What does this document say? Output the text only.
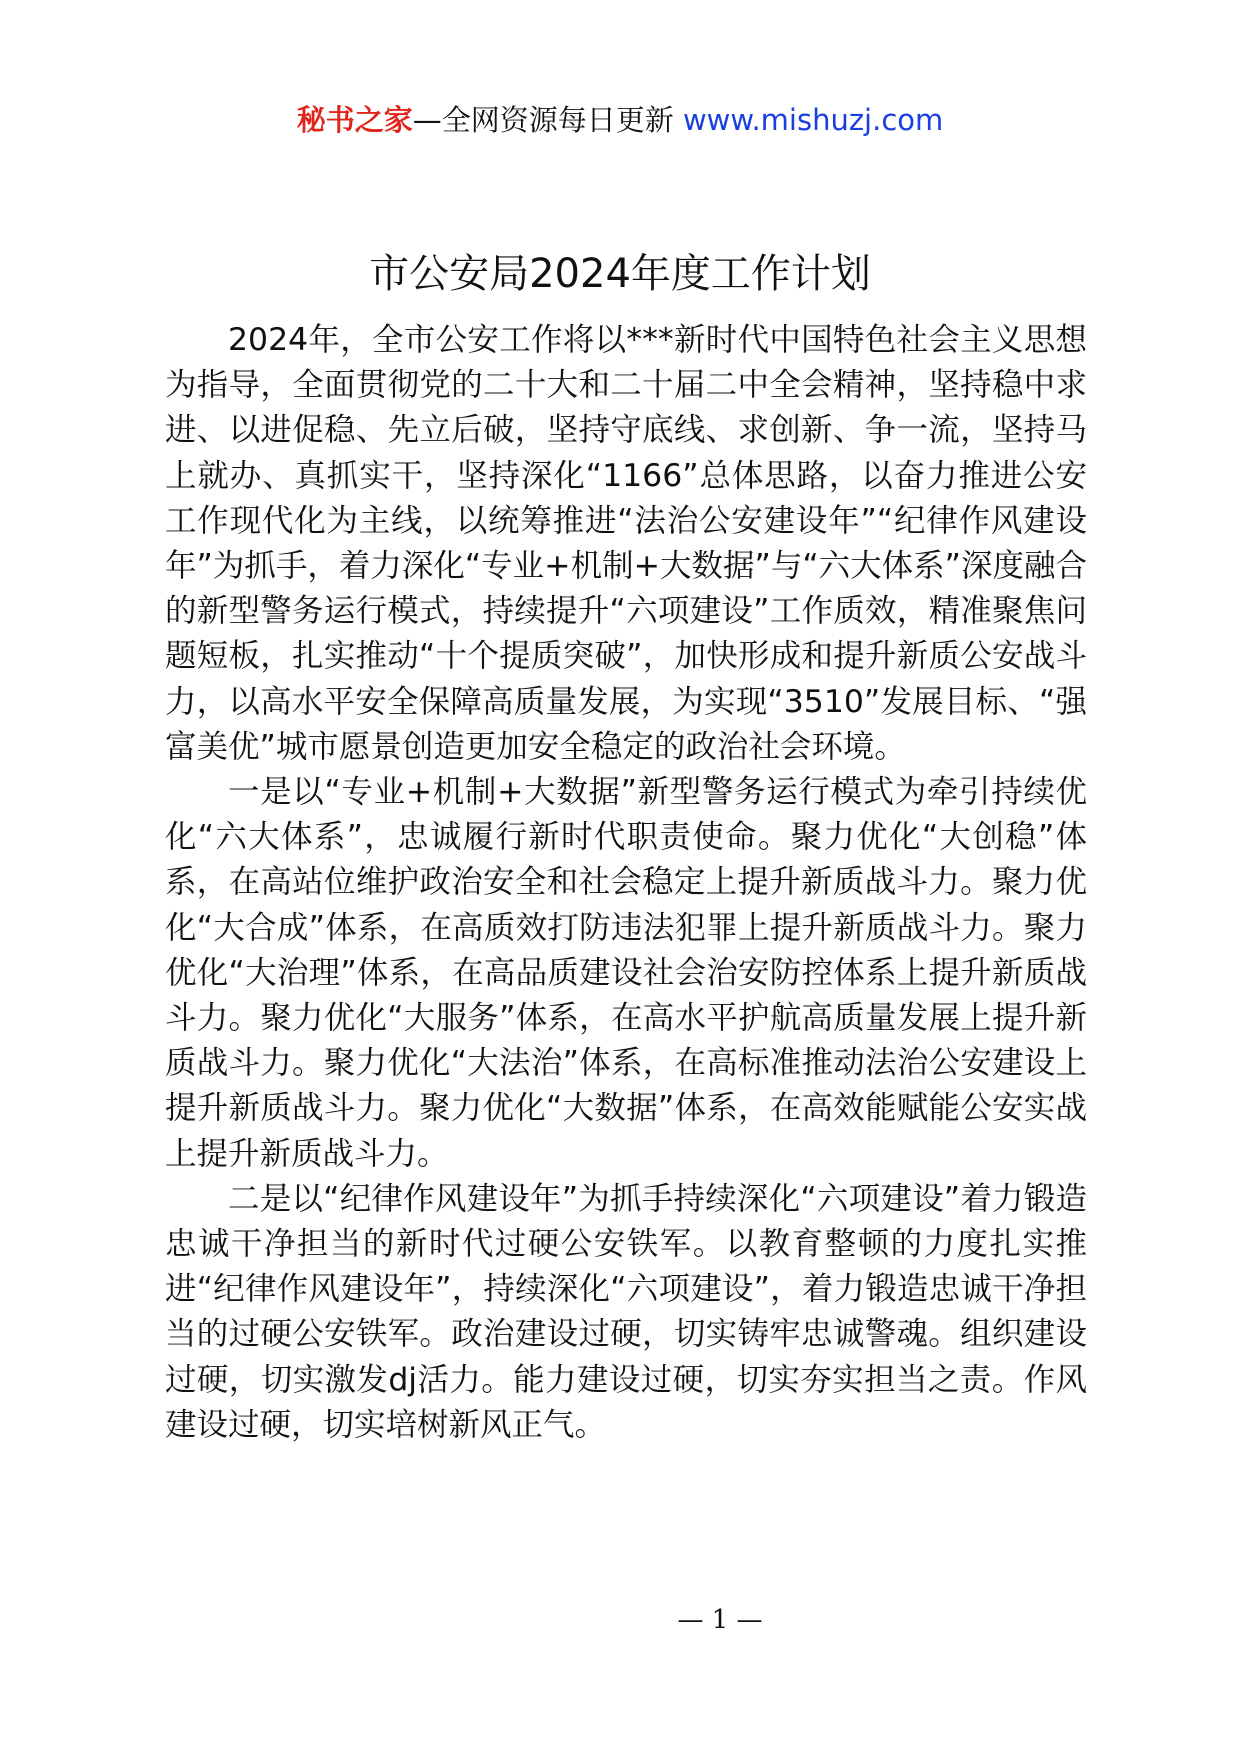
秘书之家—全网资源每日更新 www.mishuzj.com
市公安局2024年度工作计划

2024年，全市公安工作将以***新时代中国特色社会主义思想为指导，全面贯彻党的二十大和二十届二中全会精神，坚持稳中求进、以进促稳、先立后破，坚持守底线、求创新、争一流，坚持马上就办、真抓实干，坚持深化“1166”总体思路，以奋力推进公安工作现代化为主线，以统筹推进“法治公安建设年”“纪律作风建设年”为抓手，着力深化“专业+机制+大数据”与“六大体系”深度融合的新型警务运行模式，持续提升“六项建设”工作质效，精准聚焦问题短板，扎实推动“十个提质突破”，加快形成和提升新质公安战斗力，以高水平安全保障高质量发展，为实现“3510”发展目标、“强富美优”城市愿景创造更加安全稳定的政治社会环境。

一是以“专业+机制+大数据”新型警务运行模式为牵引持续优化“六大体系”，忠诚履行新时代职责使命。聚力优化“大创稳”体系，在高站位维护政治安全和社会稳定上提升新质战斗力。聚力优化“大合成”体系，在高质效打防违法犯罪上提升新质战斗力。聚力优化“大治理”体系，在高品质建设社会治安防控体系上提升新质战斗力。聚力优化“大服务”体系，在高水平护航高质量发展上提升新质战斗力。聚力优化“大法治”体系，在高标准推动法治公安建设上提升新质战斗力。聚力优化“大数据”体系，在高效能赋能公安实战上提升新质战斗力。

二是以“纪律作风建设年”为抓手持续深化“六项建设”着力锻造忠诚干净担当的新时代过硬公安铁军。以教育整顿的力度扎实推进“纪律作风建设年”，持续深化“六项建设”，着力锻造忠诚干净担当的过硬公安铁军。政治建设过硬，切实铸牢忠诚警魂。组织建设过硬，切实激发dj活力。能力建设过硬，切实夯实担当之责。作风建设过硬，切实培树新风正气。

— 1 —
